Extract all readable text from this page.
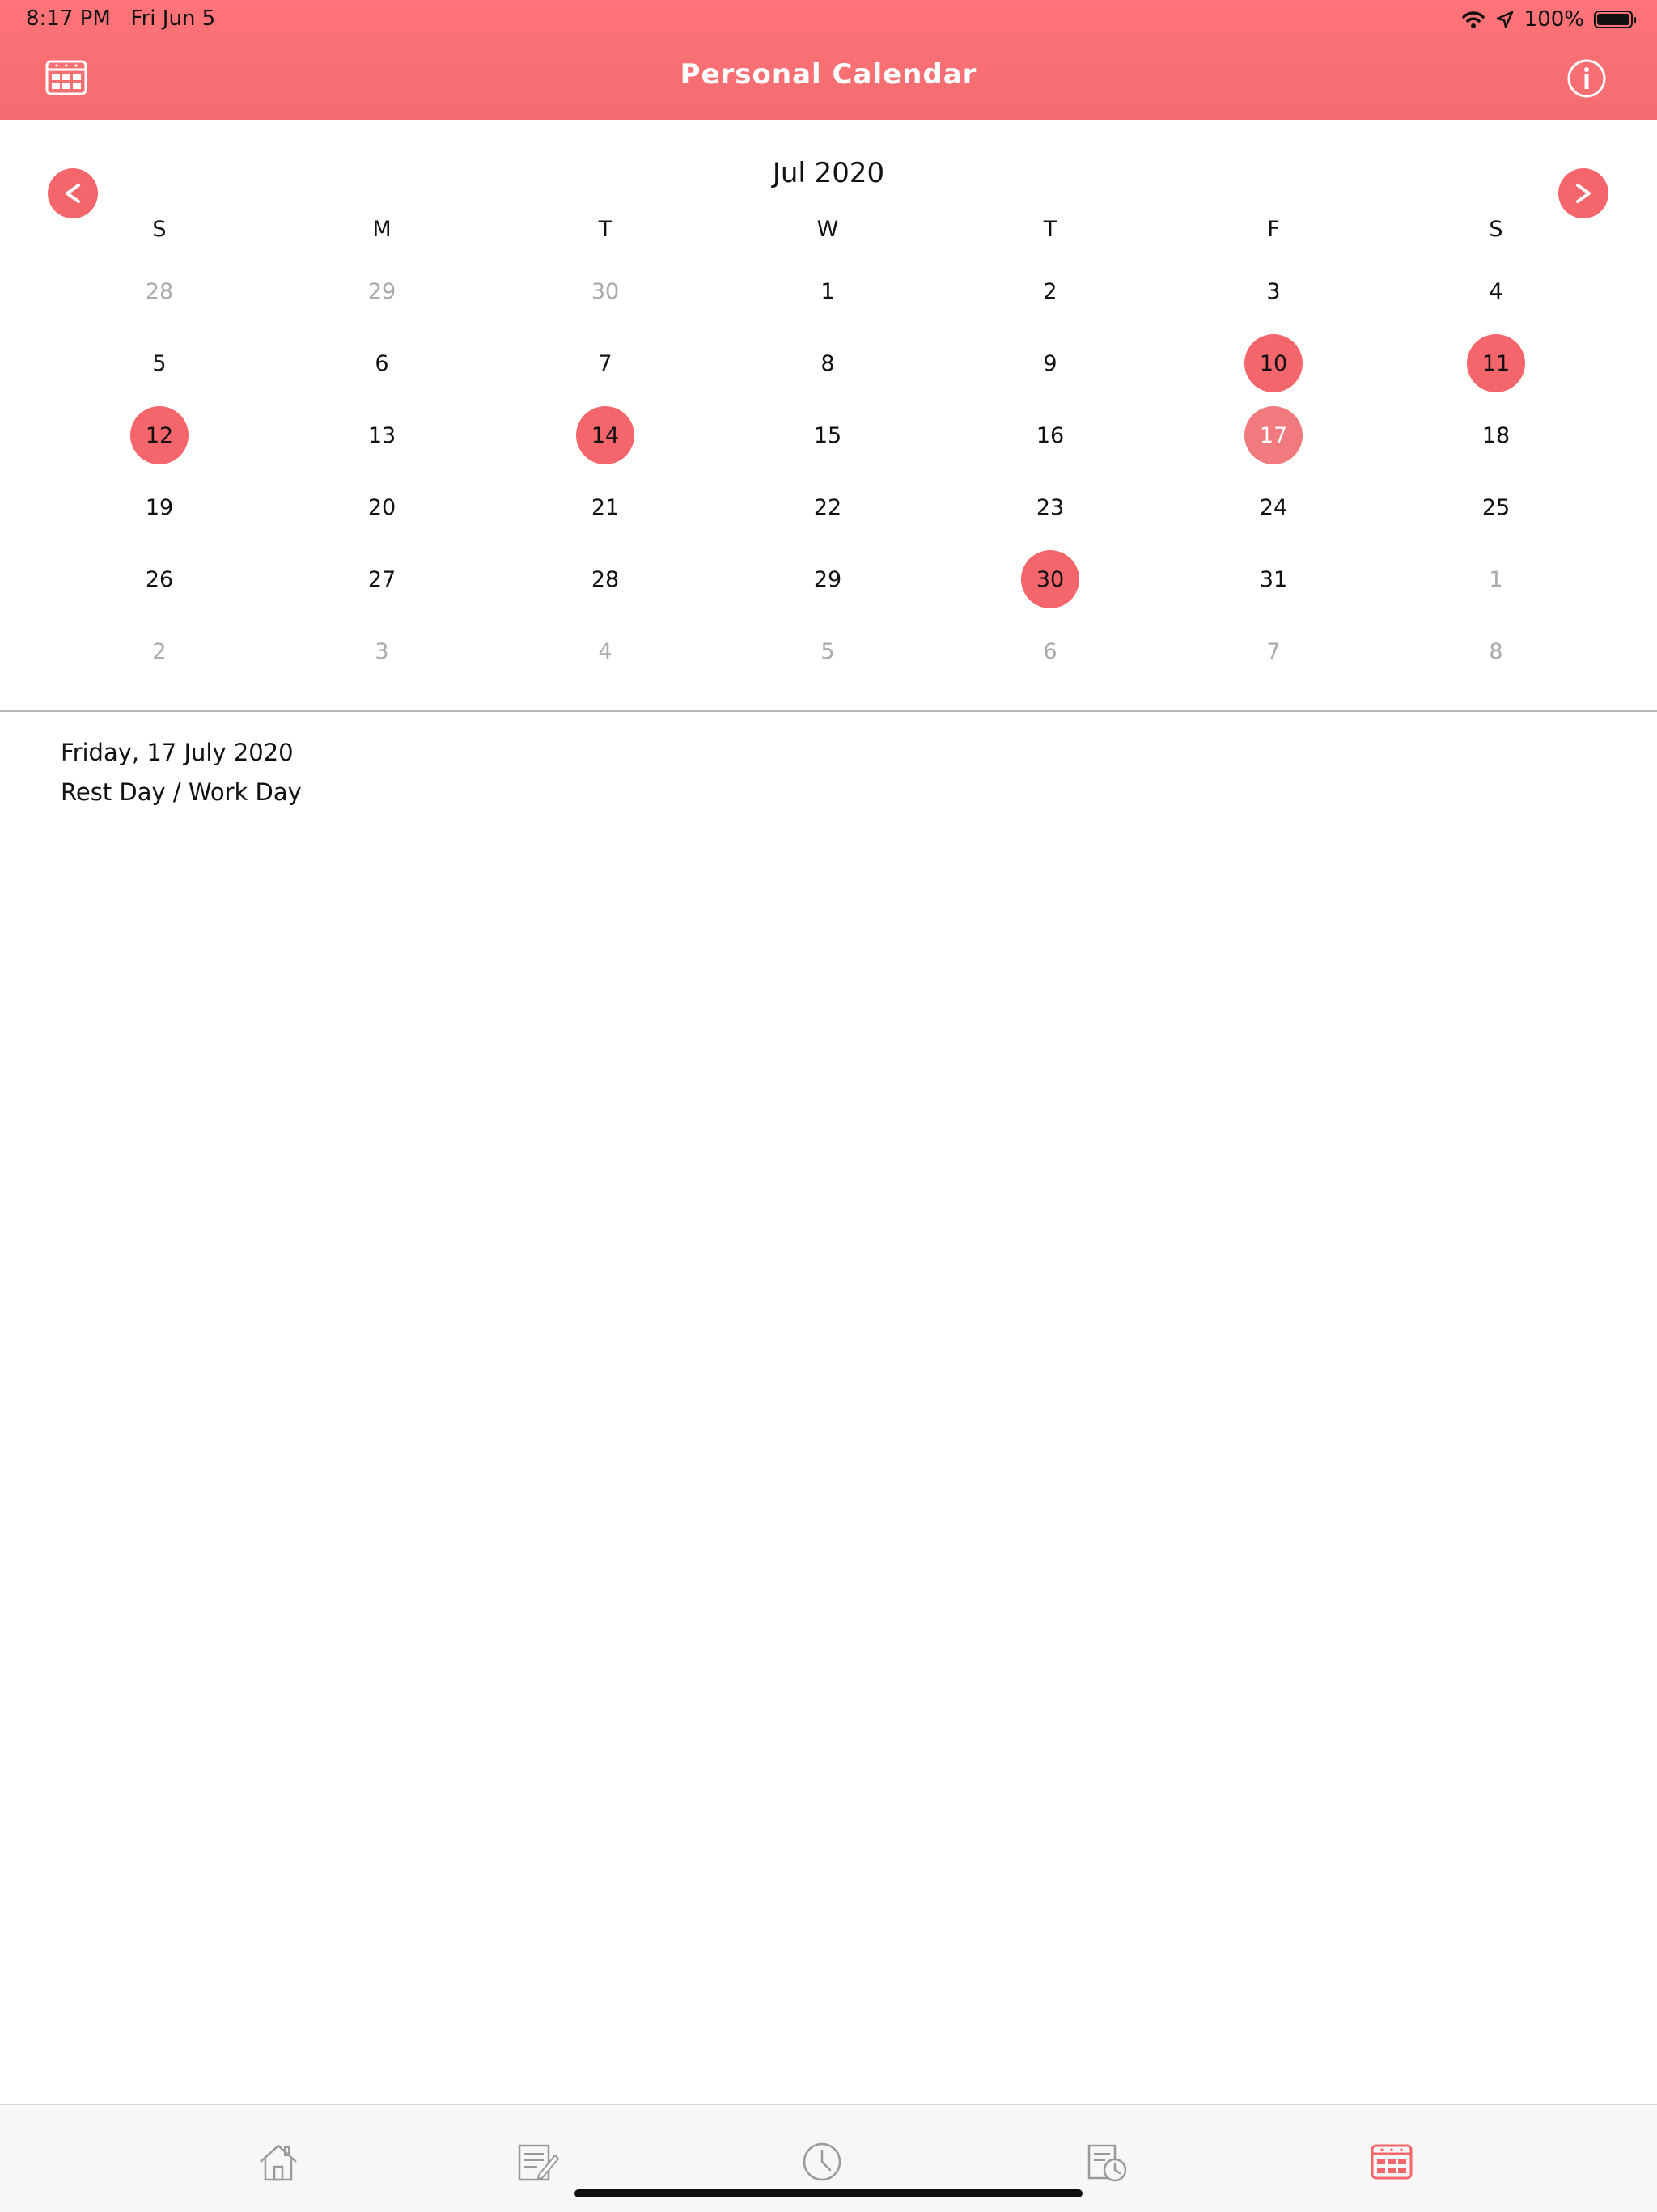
8:17 PM   Fri Jun 5	100%
Personal Calendar
Jul 2020
S	M	T	W	T	F	S
28	29	30	1	2	3	4
5	6	7	8	9	10	11
12	13	14	15	16	17	18
19	20	21	22	23	24	25
26	27	28	29	30	31	1
2	3	4	5	6	7	8
Friday, 17 July 2020
Rest Day / Work Day
